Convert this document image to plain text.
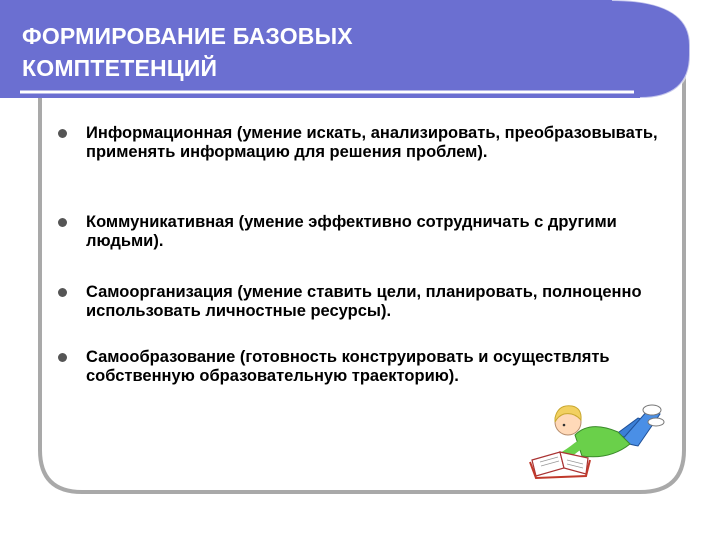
ФОРМИРОВАНИЕ БАЗОВЫХ
КОМПТЕТЕНЦИЙ
Информационная (умение искать, анализировать, преобразовывать, применять информацию для решения проблем).
Коммуникативная (умение эффективно сотрудничать с другими людьми).
Самоорганизация (умение ставить цели, планировать, полноценно использовать личностные ресурсы).
Самообразование (готовность конструировать и осуществлять собственную образовательную траекторию).
